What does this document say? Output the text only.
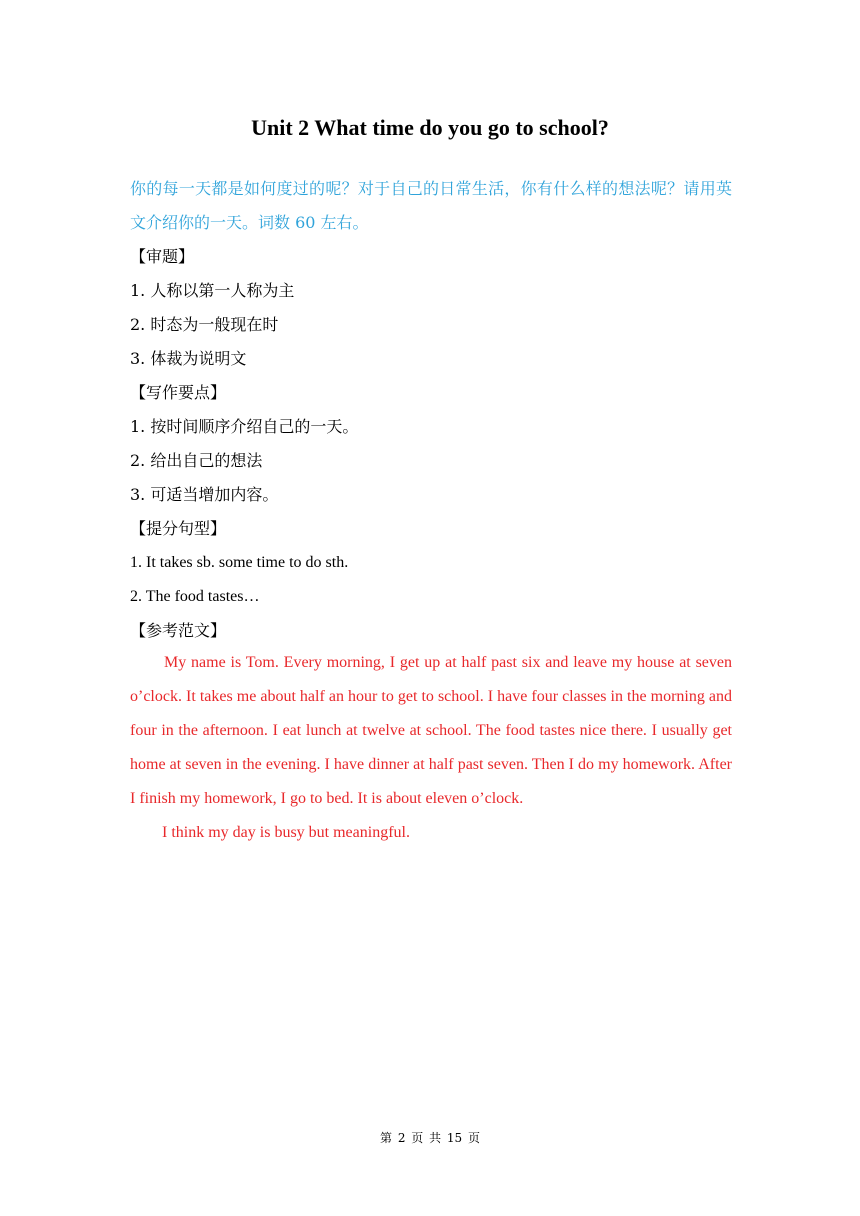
Unit 2 What time do you go to school?
你的每一天都是如何度过的呢？对于自己的日常生活，你有什么样的想法呢？请用英文介绍你的一天。词数 60 左右。
【审题】
1. 人称以第一人称为主
2. 时态为一般现在时
3. 体裁为说明文
【写作要点】
1. 按时间顺序介绍自己的一天。
2. 给出自己的想法
3. 可适当增加内容。
【提分句型】
1. It takes sb. some time to do sth.
2. The food tastes…
【参考范文】

My name is Tom. Every morning, I get up at half past six and leave my house at seven o’clock. It takes me about half an hour to get to school. I have four classes in the morning and four in the afternoon. I eat lunch at twelve at school. The food tastes nice there. I usually get home at seven in the evening. I have dinner at half past seven. Then I do my homework. After I finish my homework, I go to bed. It is about eleven o’clock.

I think my day is busy but meaningful.

第 2 页 共 15 页
